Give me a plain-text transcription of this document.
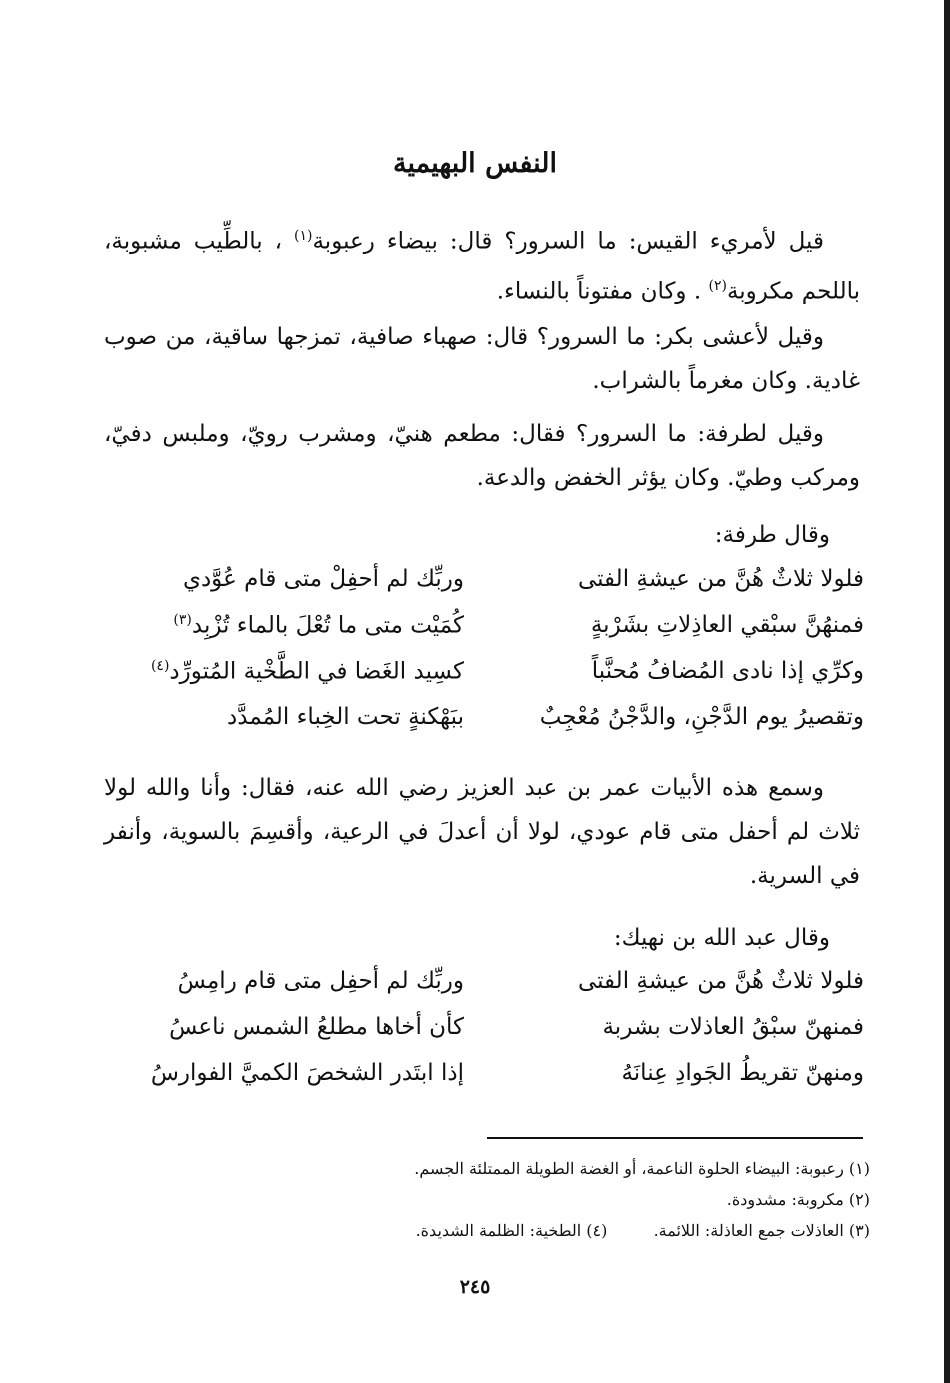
النفس البهيمية

قيل لأمريء القيس: ما السرور؟ قال: بيضاء رعبوبة$^{(١)}$ ، بالطِّيب مشبوبة، باللحم مكروبة$^{(٢)}$ . وكان مفتوناً بالنساء.

وقيل لأعشى بكر: ما السرور؟ قال: صهباء صافية، تمزجها ساقية، من صوب غادية. وكان مغرماً بالشراب.

وقيل لطرفة: ما السرور؟ فقال: مطعم هنيّ، ومشرب رويّ، وملبس دفيّ، ومركب وطيّ. وكان يؤثر الخفض والدعة.

وقال طرفة:
فلولا ثلاثٌ هُنَّ من عيشةِ الفتى
وربِّك لم أحفِلْ متى قام عُوَّدي
فمنهُنَّ سبْقي العاذِلاتِ بشَرْبةٍ
كُمَيْت متى ما تُعْلَ بالماء تُزْبِد$^{(٣)}$
وكرِّي إذا نادى المُضافُ مُحنَّباً
كسِيد الغَضا في الطَّخْية المُتورِّد$^{(٤)}$
وتقصيرُ يوم الدَّجْنِ، والدَّجْنُ مُعْجِبٌ
ببَهْكنةٍ تحت الخِباء المُمدَّد

وسمع هذه الأبيات عمر بن عبد العزيز رضي الله عنه، فقال: وأنا والله لولا ثلاث لم أحفل متى قام عودي، لولا أن أعدلَ في الرعية، وأقسِمَ بالسوية، وأنفر في السرية.

وقال عبد الله بن نهيك:
فلولا ثلاثٌ هُنَّ من عيشةِ الفتى
وربِّك لم أحفِل متى قام رامِسُ
فمنهنّ سبْقُ العاذلات بشربة
كأن أخاها مطلعُ الشمس ناعسُ
ومنهنّ تقريطُ الجَوادِ عِنانَهُ
إذا ابتَدر الشخصَ الكميَّ الفوارسُ
(١) رعبوبة: البيضاء الحلوة الناعمة، أو الغضة الطويلة الممتلئة الجسم.
(٢) مكروبة: مشدودة.
(٣) العاذلات جمع العاذلة: اللائمة.  (٤) الطخية: الظلمة الشديدة.
٢٤٥
